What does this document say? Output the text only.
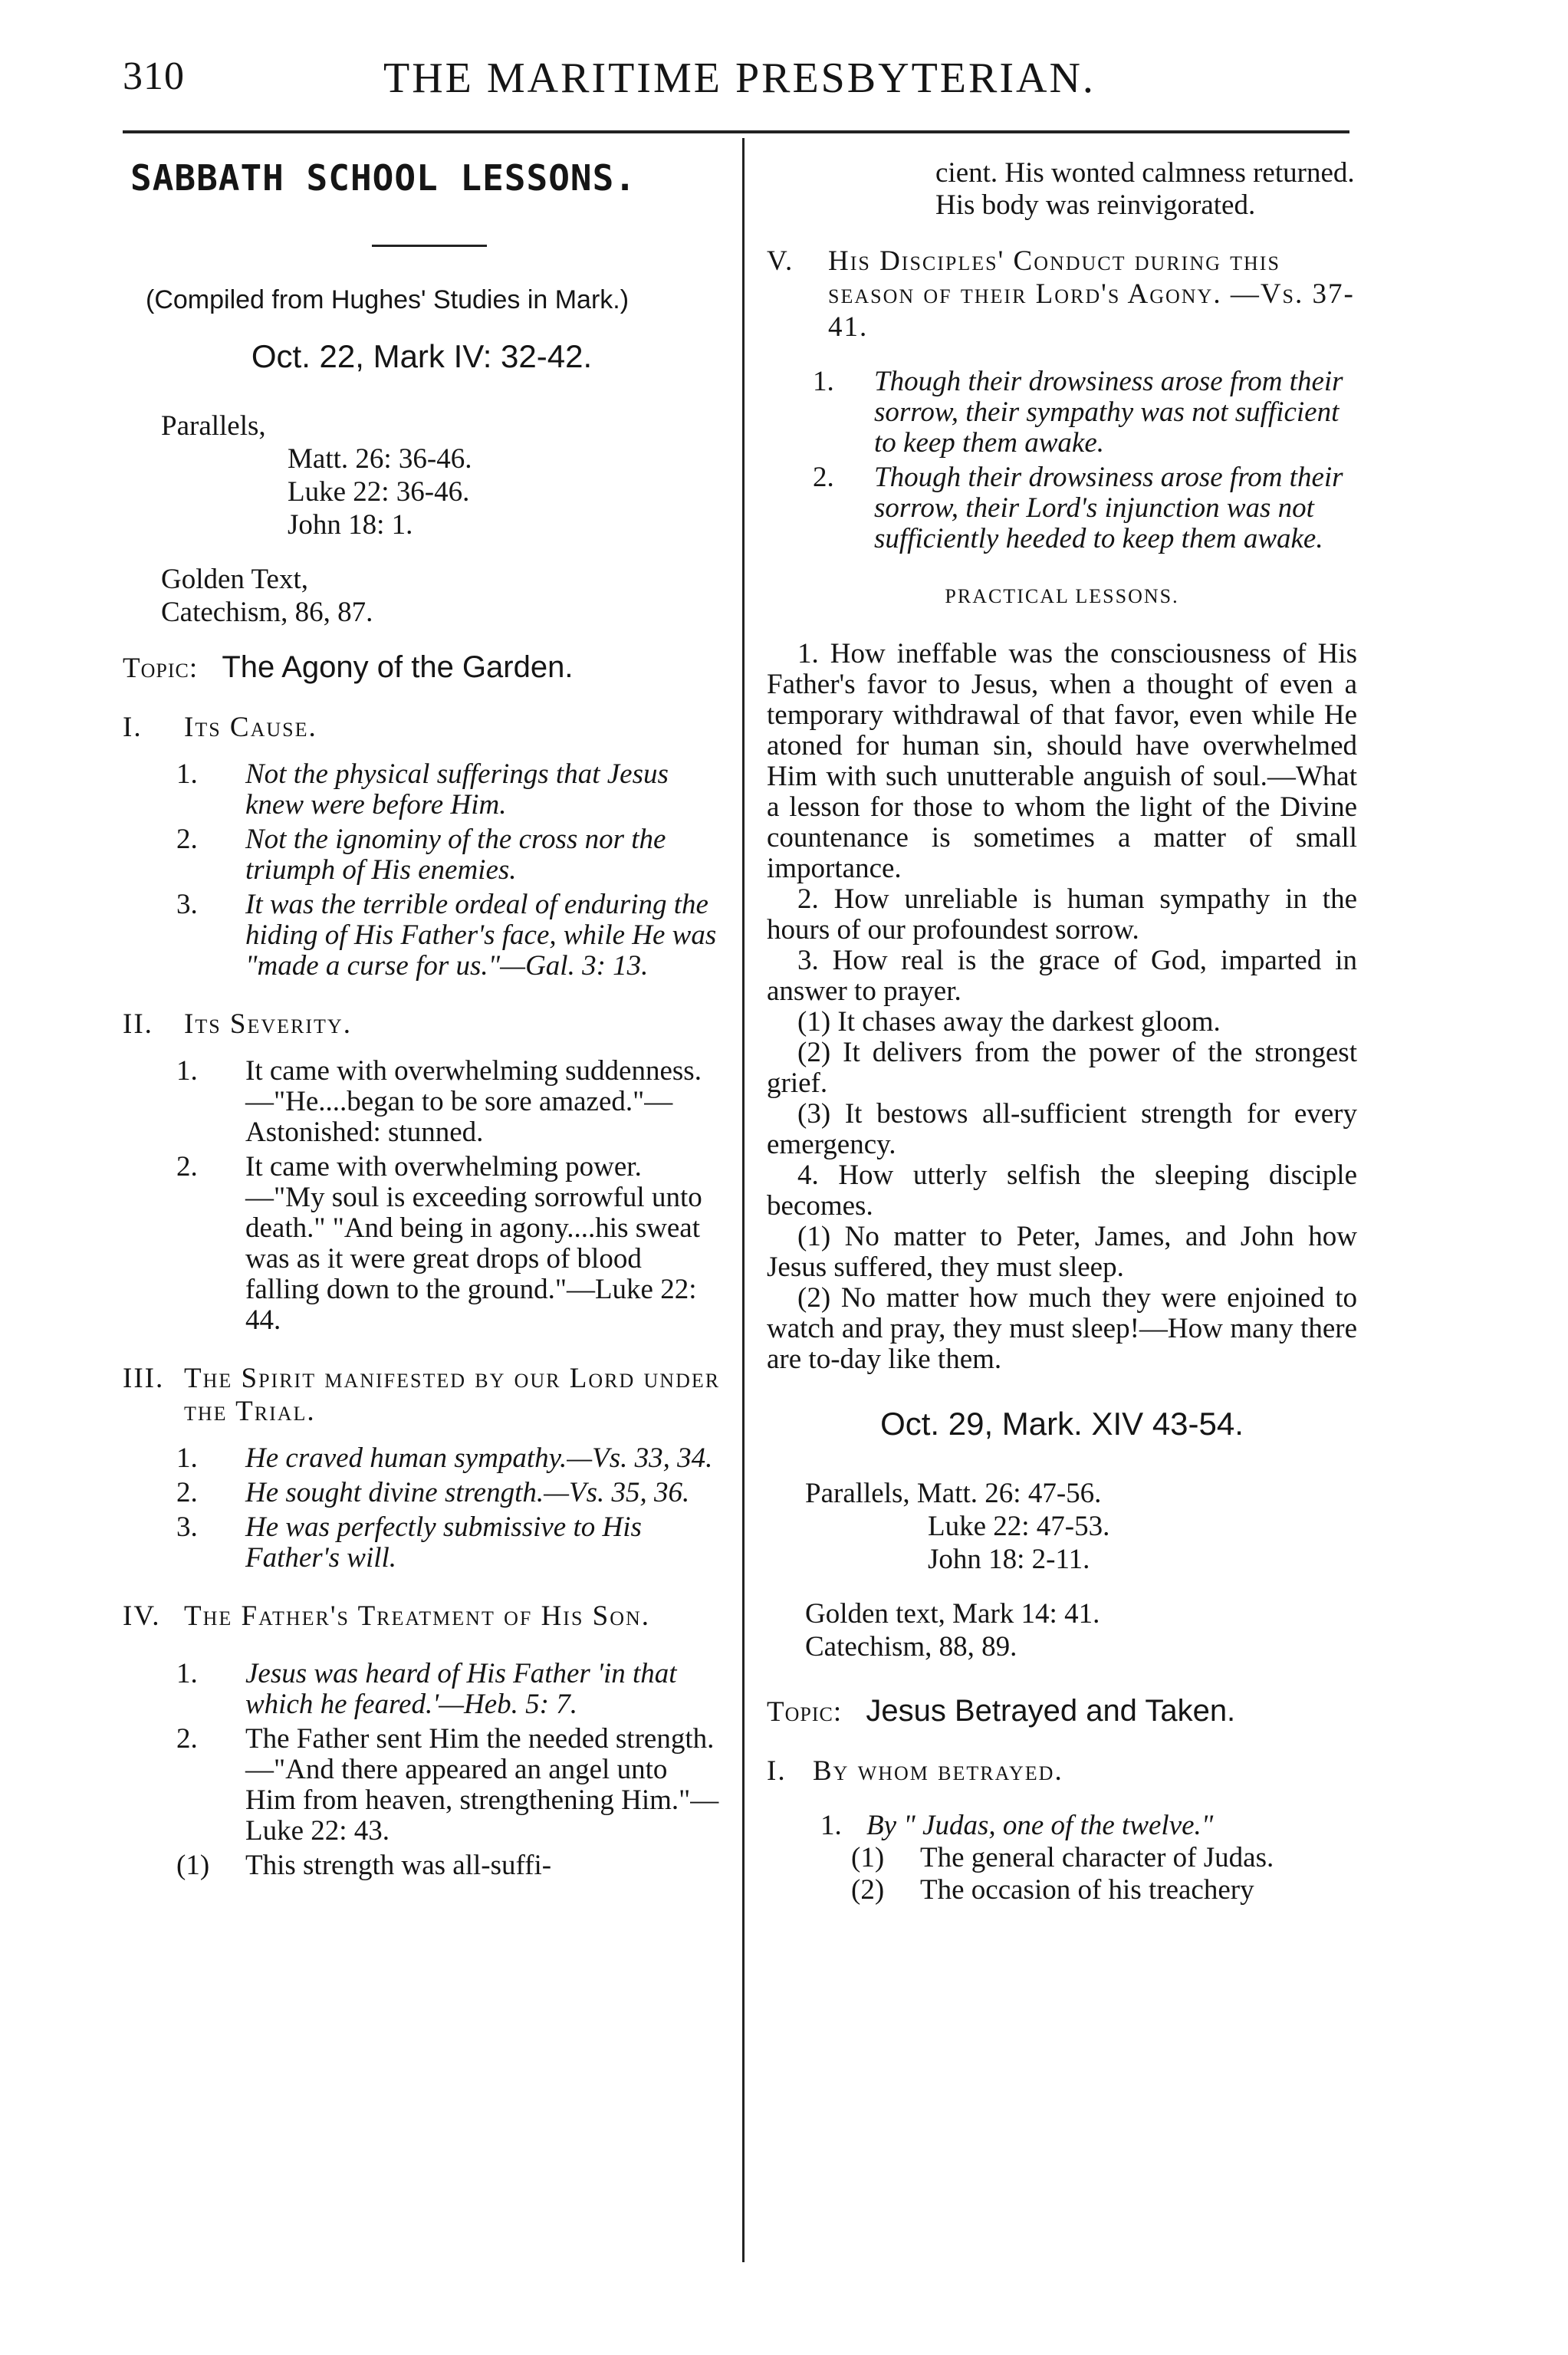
310	THE MARITIME PRESBYTERIAN.
SABBATH SCHOOL LESSONS.
(Compiled from Hughes' Studies in Mark.)
Oct. 22, Mark IV: 32-42.
Parallels,
Matt. 26: 36-46.
Luke 22: 36-46.
John 18: 1.
Golden Text,
Catechism, 86, 87.
Topic: The Agony of the Garden.
I. Its Cause.
1. Not the physical sufferings that Jesus knew were before Him.
2. Not the ignominy of the cross nor the triumph of His enemies.
3. It was the terrible ordeal of enduring the hiding of His Father's face, while He was "made a curse for us."—Gal. 3: 13.
II. Its Severity.
1. It came with overwhelming suddenness.—"He....began to be sore amazed."—Astonished: stunned.
2. It came with overwhelming power. —"My soul is exceeding sorrowful unto death." "And being in agony....his sweat was as it were great drops of blood falling down to the ground."—Luke 22: 44.
III. The Spirit manifested by our Lord under the Trial.
1. He craved human sympathy.—Vs. 33, 34.
2. He sought divine strength.—Vs. 35, 36.
3. He was perfectly submissive to His Father's will.
IV. The Father's Treatment of His Son.
1. Jesus was heard of His Father 'in that which he feared.'—Heb. 5: 7.
2. The Father sent Him the needed strength.—"And there appeared an angel unto Him from heaven, strengthening Him."—Luke 22: 43.
(1) This strength was all-suffi-
cient. His wonted calmness returned. His body was reinvigorated.
V. His Disciples' Conduct during this season of their Lord's Agony. —Vs. 37-41.
1. Though their drowsiness arose from their sorrow, their sympathy was not sufficient to keep them awake.
2. Though their drowsiness arose from their sorrow, their Lord's injunction was not sufficiently heeded to keep them awake.
PRACTICAL LESSONS.
1. How ineffable was the consciousness of His Father's favor to Jesus, when a thought of even a temporary withdrawal of that favor, even while He atoned for human sin, should have overwhelmed Him with such unutterable anguish of soul.—What a lesson for those to whom the light of the Divine countenance is sometimes a matter of small importance.
2. How unreliable is human sympathy in the hours of our profoundest sorrow.
3. How real is the grace of God, imparted in answer to prayer.
(1) It chases away the darkest gloom.
(2) It delivers from the power of the strongest grief.
(3) It bestows all-sufficient strength for every emergency.
4. How utterly selfish the sleeping disciple becomes.
(1) No matter to Peter, James, and John how Jesus suffered, they must sleep.
(2) No matter how much they were enjoined to watch and pray, they must sleep!—How many there are to-day like them.
Oct. 29, Mark. XIV 43-54.
Parallels, Matt. 26: 47-56.
Luke 22: 47-53.
John 18: 2-11.
Golden text, Mark 14: 41.
Catechism, 88, 89.
Topic: Jesus Betrayed and Taken.
I. By whom betrayed.
1. By " Judas, one of the twelve."
(1) The general character of Judas.
(2) The occasion of his treachery
